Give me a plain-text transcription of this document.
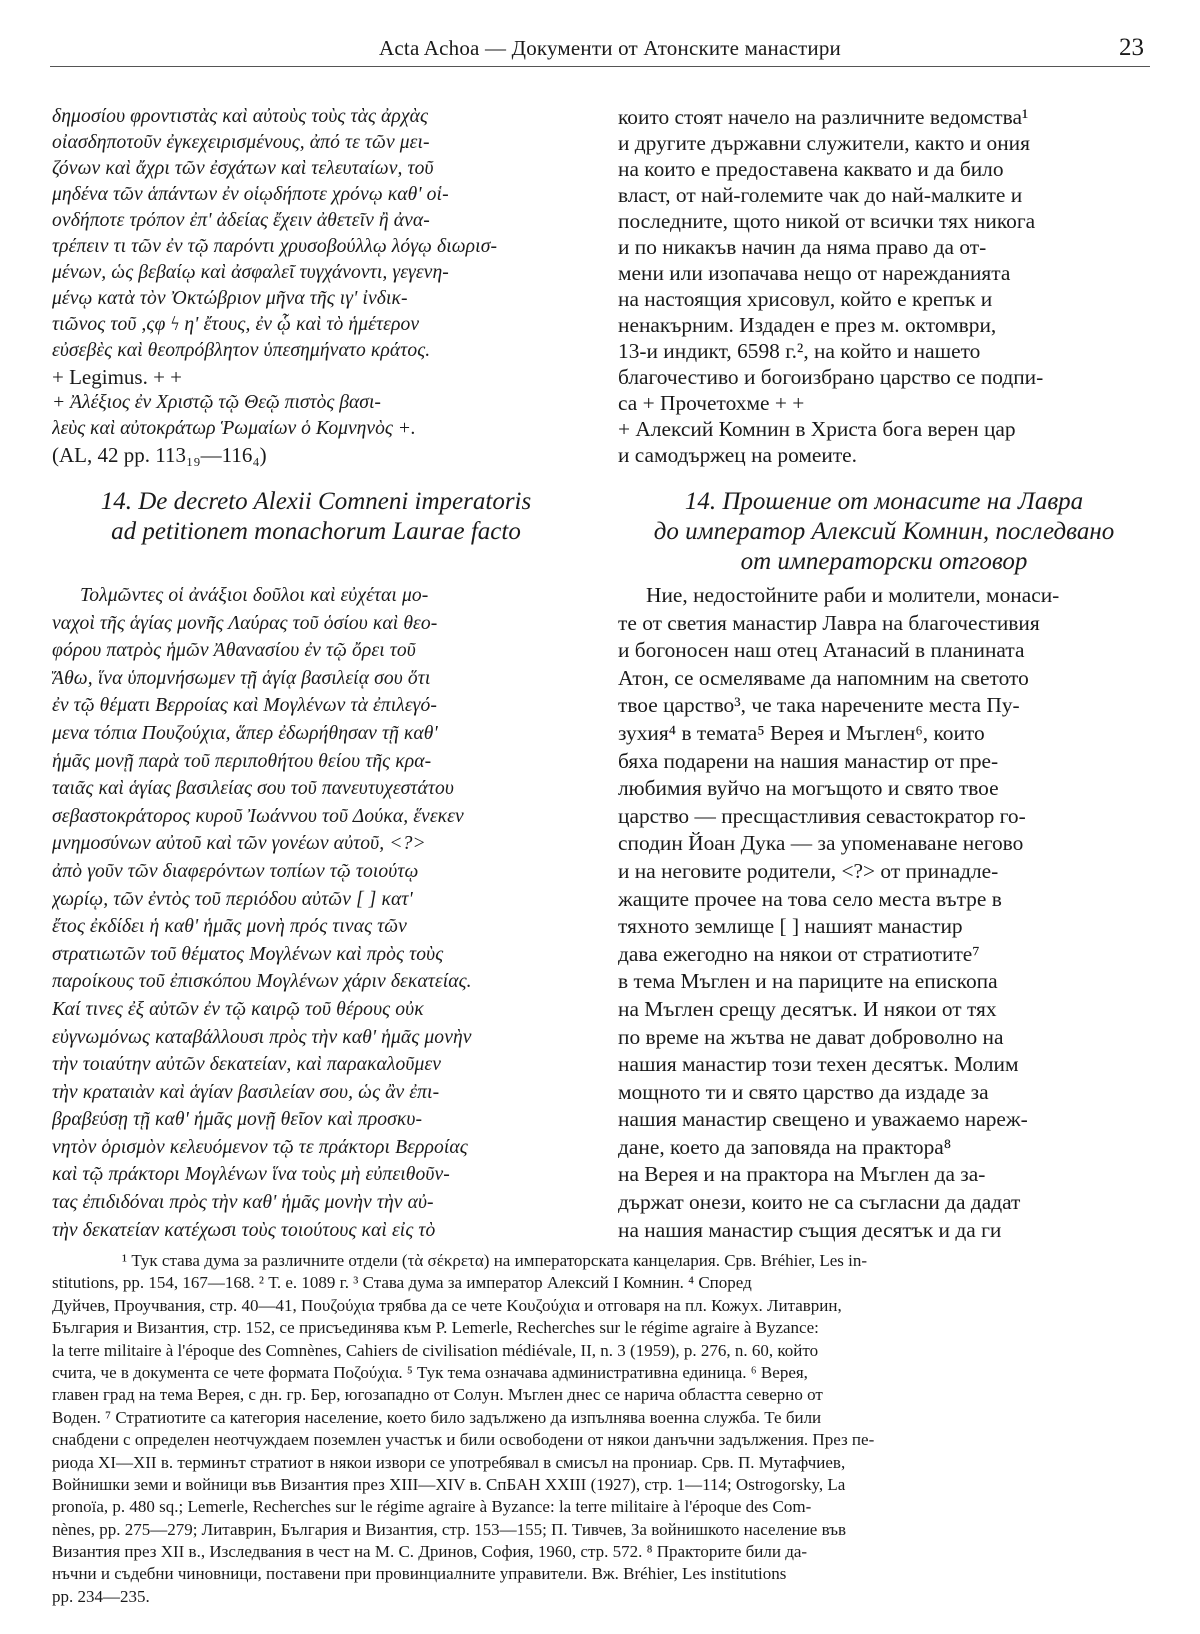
Acta Achoa — Документи от Атонските манастири	23
δημοσίου φροντιστὰς καὶ αὐτοὺς τοὺς τὰς ἀρχὰς
οἰασδηποτοῦν ἐγκεχειρισμένους, ἀπό τε τῶν μει-
ζόνων καὶ ἄχρι τῶν ἐσχάτων καὶ τελευταίων, τοῦ
μηδένα τῶν ἁπάντων ἐν οἱῳδήποτε χρόνῳ καθ' οἱ-
ονδήποτε τρόπον ἐπ' ἀδείας ἔχειν ἀθετεῖν ἢ ἀνα-
τρέπειν τι τῶν ἐν τῷ παρόντι χρυσοβούλλῳ λόγῳ διωρισ-
μένων, ὡς βεβαίῳ καὶ ἀσφαλεῖ τυγχάνοντι, γεγενη-
μένῳ κατὰ τὸν Ὀκτώβριον μῆνα τῆς ιγ' ἰνδικ-
τιῶνος τοῦ ,ςφ ϟ η' ἔτους, ἐν ᾧ καὶ τὸ ἡμέτερον
εὐσεβὲς καὶ θεοπρόβλητον ὑπεσημήνατο κράτος.
+ Legimus. + +
+ Ἀλέξιος ἐν Χριστῷ τῷ Θεῷ πιστὸς βασι-
λεὺς καὶ αὐτοκράτωρ Ῥωμαίων ὁ Κομνηνὸς +.
(AL, 42 pp. 113₁₉—116₄)
които стоят начело на различните ведомства¹
и другите държавни служители, както и ония
на които е предоставена каквато и да било
власт, от най-големите чак до най-малките и
последните, щото никой от всички тях никога
и по никакъв начин да няма право да от-
мени или изопачава нещо от нарежданията
на настоящия хрисовул, който е крепък и
ненакърним. Издаден е през м. октомври,
13-и индикт, 6598 г.², на който и нашето
благочестиво и богоизбрано царство се подпи-
са + Прочетохме + +
+ Алексий Комнин в Христа бога верен цар
и самодържец на ромеите.
14. De decreto Alexii Comneni imperatoris
ad petitionem monachorum Laurae facto
14. Прошение от монасите на Лавра
до император Алексий Комнин, последвано
от императорски отговор
Τολμῶντες οἱ ἀνάξιοι δοῦλοι καὶ εὐχέται μο-
ναχοὶ τῆς ἁγίας μονῆς Λαύρας τοῦ ὁσίου καὶ θεο-
φόρου πατρὸς ἡμῶν Ἀθανασίου ἐν τῷ ὄρει τοῦ
Ἄθω, ἵνα ὑπομνήσωμεν τῇ ἁγίᾳ βασιλείᾳ σου ὅτι
ἐν τῷ θέματι Βερροίας καὶ Μογλένων τὰ ἐπιλεγό-
μενα τόπια Πουζούχια, ἅπερ ἐδωρήθησαν τῇ καθ'
ἡμᾶς μονῇ παρὰ τοῦ περιποθήτου θείου τῆς κρα-
ταιᾶς καὶ ἁγίας βασιλείας σου τοῦ πανευτυχεστάτου
σεβαστοκράτορος κυροῦ Ἰωάννου τοῦ Δούκα, ἕνεκεν
μνημοσύνων αὐτοῦ καὶ τῶν γονέων αὐτοῦ, <?>
ἀπὸ γοῦν τῶν διαφερόντων τοπίων τῷ τοιούτῳ
χωρίῳ, τῶν ἐντὸς τοῦ περιόδου αὐτῶν [ ] κατ'
ἔτος ἐκδίδει ἡ καθ' ἡμᾶς μονὴ πρός τινας τῶν
στρατιωτῶν τοῦ θέματος Μογλένων καὶ πρὸς τοὺς
παροίκους τοῦ ἐπισκόπου Μογλένων χάριν δεκατείας.
Καί τινες ἐξ αὐτῶν ἐν τῷ καιρῷ τοῦ θέρους οὐκ
εὐγνωμόνως καταβάλλουσι πρὸς τὴν καθ' ἡμᾶς μονὴν
τὴν τοιαύτην αὐτῶν δεκατείαν, καὶ παρακαλοῦμεν
τὴν κραταιὰν καὶ ἁγίαν βασιλείαν σου, ὡς ἂν ἐπι-
βραβεύσῃ τῇ καθ' ἡμᾶς μονῇ θεῖον καὶ προσκυ-
νητὸν ὁρισμὸν κελευόμενον τῷ τε πράκτορι Βερροίας
καὶ τῷ πράκτορι Μογλένων ἵνα τοὺς μὴ εὐπειθοῦν-
τας ἐπιδιδόναι πρὸς τὴν καθ' ἡμᾶς μονὴν τὴν αὐ-
τὴν δεκατείαν κατέχωσι τοὺς τοιούτους καὶ εἰς τὸ
Ние, недостойните раби и молители, монаси-
те от светия манастир Лавра на благочестивия
и богоносен наш отец Атанасий в планината
Атон, се осмеляваме да напомним на светото
твое царство³, че така наречените места Пу-
зухия⁴ в темата⁵ Верея и Мъглен⁶, които
бяха подарени на нашия манастир от пре-
любимия вуйчо на могъщото и свято твое
царство — пресщастливия севастократор го-
сподин Йоан Дука — за упоменаване негово
и на неговите родители, <?> от принадле-
жащите прочее на това село места вътре в
тяхното землище [ ] нашият манастир
дава ежегодно на някои от стратиотите⁷
в тема Мъглен и на париците на епископа
на Мъглен срещу десятък. И някои от тях
по време на жътва не дават доброволно на
нашия манастир този техен десятък. Молим
мощното ти и свято царство да издаде за
нашия манастир свещено и уважаемо нареж-
дане, което да заповяда на практора⁸
на Верея и на практора на Мъглен да за-
държат онези, които не са съгласни да дадат
на нашия манастир същия десятък и да ги
¹ Тук става дума за различните отдели (τὰ σέκρετα) на императорската канцелария. Срв. Bréhier, Les in-
stitutions, pp. 154, 167—168. ² Т. е. 1089 г. ³ Става дума за император Алексий I Комнин. ⁴ Според
Дуйчев, Проучвания, стр. 40—41, Πουζούχια трябва да се чете Κουζούχια и отговаря на пл. Кожух. Литаврин,
България и Византия, стр. 152, се присъединява към P. Lemerle, Recherches sur le régime agraire à Byzance:
la terre militaire à l'époque des Comnènes, Cahiers de civilisation médiévale, II, n. 3 (1959), p. 276, n. 60, който
счита, че в документа се чете формата Ποζούχια. ⁵ Тук тема означава административна единица. ⁶ Верея,
главен град на тема Верея, с дн. гр. Бер, югозападно от Солун. Мъглен днес се нарича областта северно от
Воден. ⁷ Стратиотите са категория население, което било задължено да изпълнява военна служба. Те били
снабдени с определен неотчуждаем поземлен участък и били освободени от някои данъчни задължения. През пе-
риода XI—XII в. терминът стратиот в някои извори се употребявал в смисъл на прониар. Срв. П. Мутафчиев,
Войнишки земи и войници във Византия през XIII—XIV в. СпБАН XXIII (1927), стр. 1—114; Ostrogorsky, La
pronoïa, p. 480 sq.; Lemerle, Recherches sur le régime agraire à Byzance: la terre militaire à l'époque des Com-
nènes, pp. 275—279; Литаврин, България и Византия, стр. 153—155; П. Тивчев, За войнишкото население във
Византия през XII в., Изследвания в чест на М. С. Дринов, София, 1960, стр. 572. ⁸ Практорите били да-
нъчни и съдебни чиновници, поставени при провинциалните управители. Вж. Bréhier, Les institutions
pp. 234—235.
